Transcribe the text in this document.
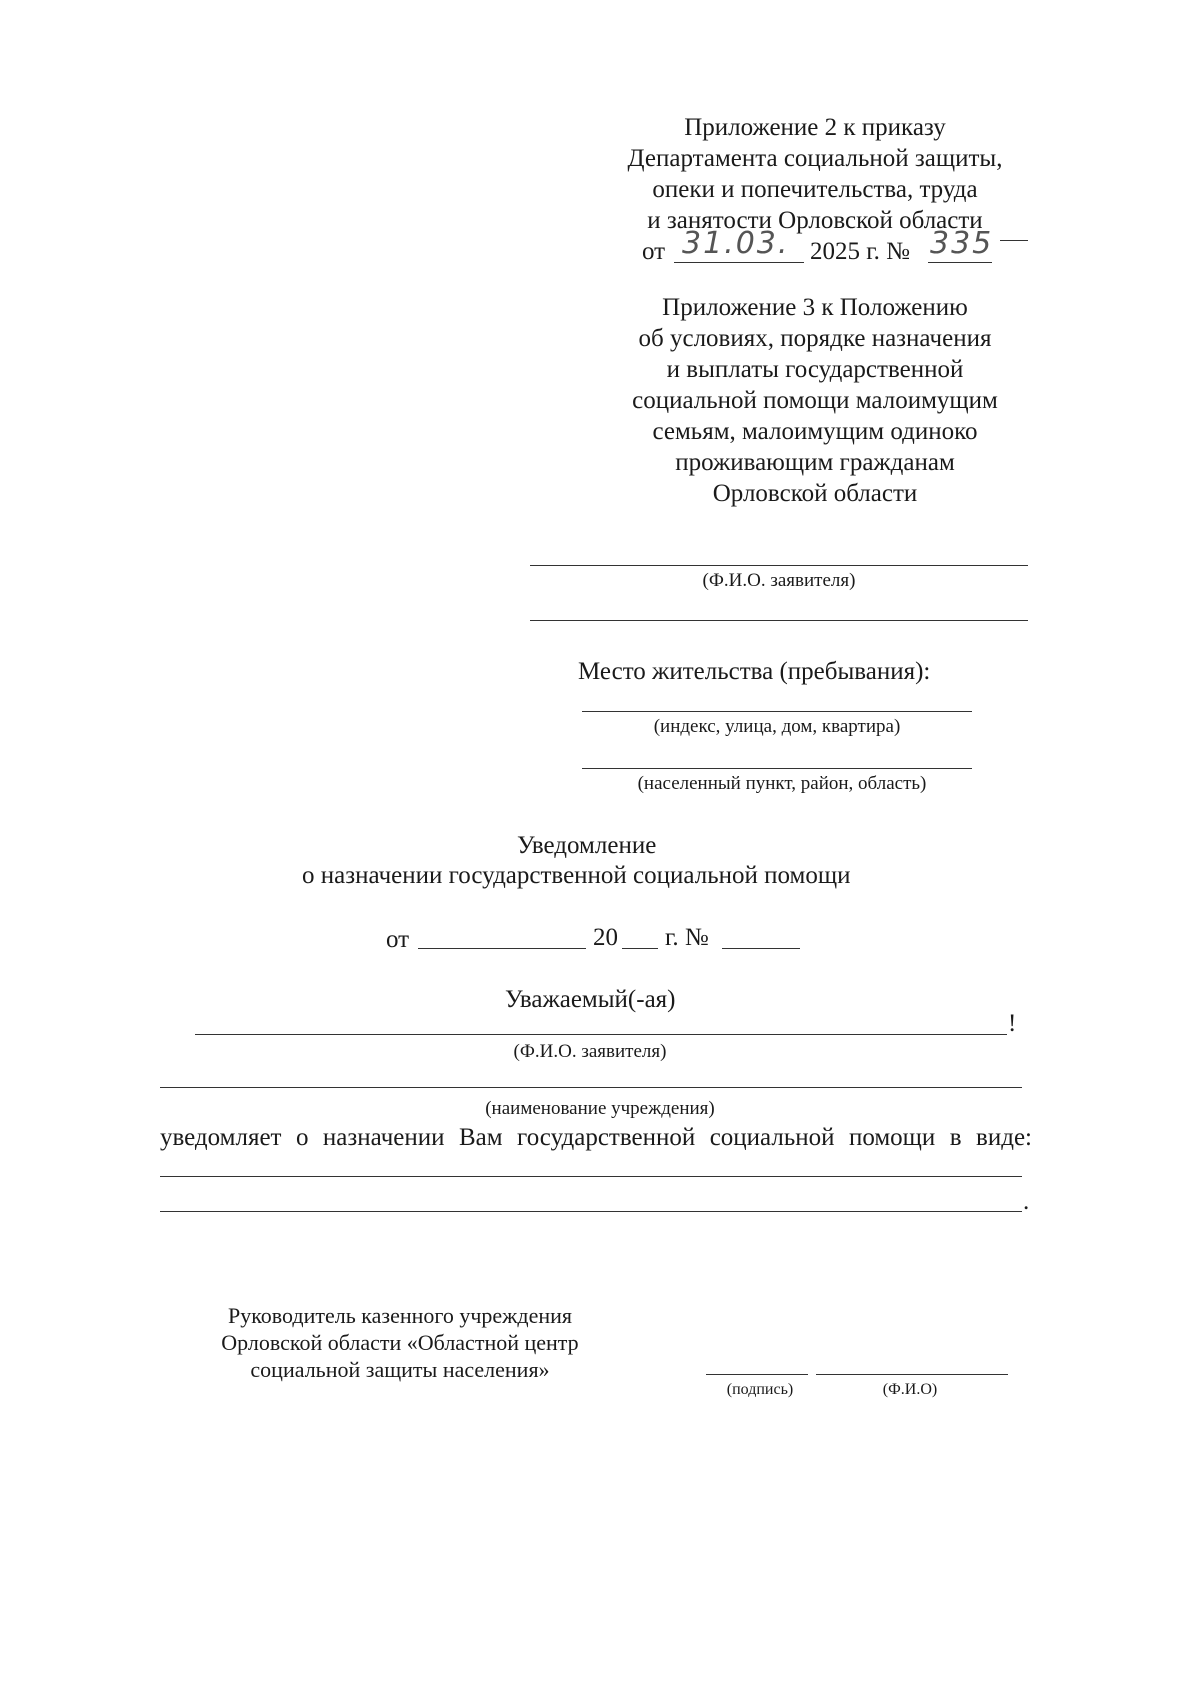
Приложение 2 к приказу
Департамента социальной защиты,
опеки и попечительства, труда
и занятости Орловской области
от 31.03. 2025 г. № 335
Приложение 3 к Положению
об условиях, порядке назначения
и выплаты государственной
социальной помощи малоимущим
семьям, малоимущим одиноко
проживающим гражданам
Орловской области
(Ф.И.О. заявителя)
Место жительства (пребывания):
(индекс, улица, дом, квартира)
(населенный пункт, район, область)
Уведомление
о назначении государственной социальной помощи
от	20 г. №
Уважаемый(-ая)
!
(Ф.И.О. заявителя)
(наименование учреждения)
уведомляет о назначении Вам государственной социальной помощи в виде:
.
Руководитель казенного учреждения
Орловской области «Областной центр
социальной защиты населения»
(подпись)	(Ф.И.О)
